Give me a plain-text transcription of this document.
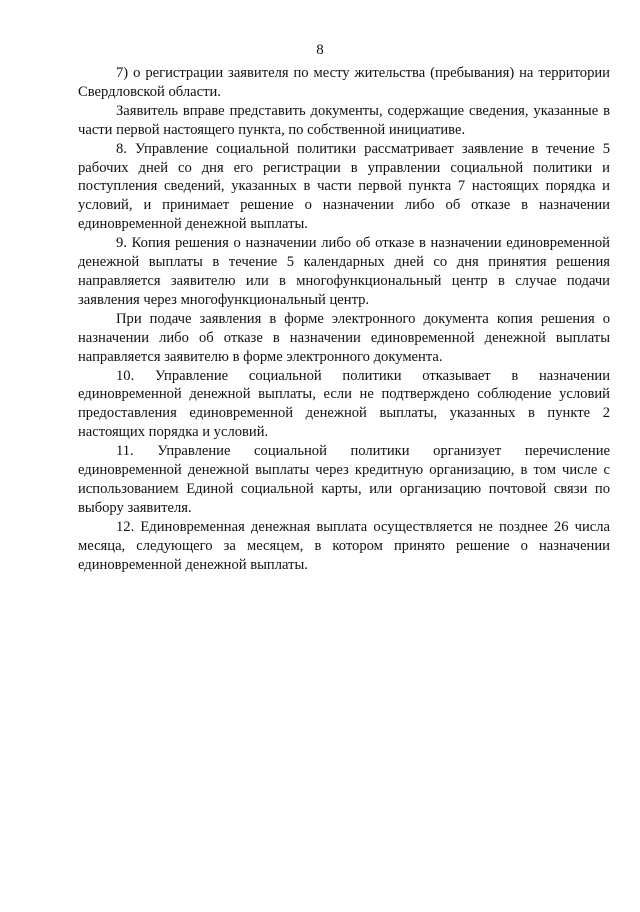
8

7) о регистрации заявителя по месту жительства (пребывания) на территории Свердловской области.

Заявитель вправе представить документы, содержащие сведения, указанные в части первой настоящего пункта, по собственной инициативе.

8. Управление социальной политики рассматривает заявление в течение 5 рабочих дней со дня его регистрации в управлении социальной политики и поступления сведений, указанных в части первой пункта 7 настоящих порядка и условий, и принимает решение о назначении либо об отказе в назначении единовременной денежной выплаты.

9. Копия решения о назначении либо об отказе в назначении единовременной денежной выплаты в течение 5 календарных дней со дня принятия решения направляется заявителю или в многофункциональный центр в случае подачи заявления через многофункциональный центр.

При подаче заявления в форме электронного документа копия решения о назначении либо об отказе в назначении единовременной денежной выплаты направляется заявителю в форме электронного документа.

10. Управление социальной политики отказывает в назначении единовременной денежной выплаты, если не подтверждено соблюдение условий предоставления единовременной денежной выплаты, указанных в пункте 2 настоящих порядка и условий.

11. Управление социальной политики организует перечисление единовременной денежной выплаты через кредитную организацию, в том числе с использованием Единой социальной карты, или организацию почтовой связи по выбору заявителя.

12. Единовременная денежная выплата осуществляется не позднее 26 числа месяца, следующего за месяцем, в котором принято решение о назначении единовременной денежной выплаты.
